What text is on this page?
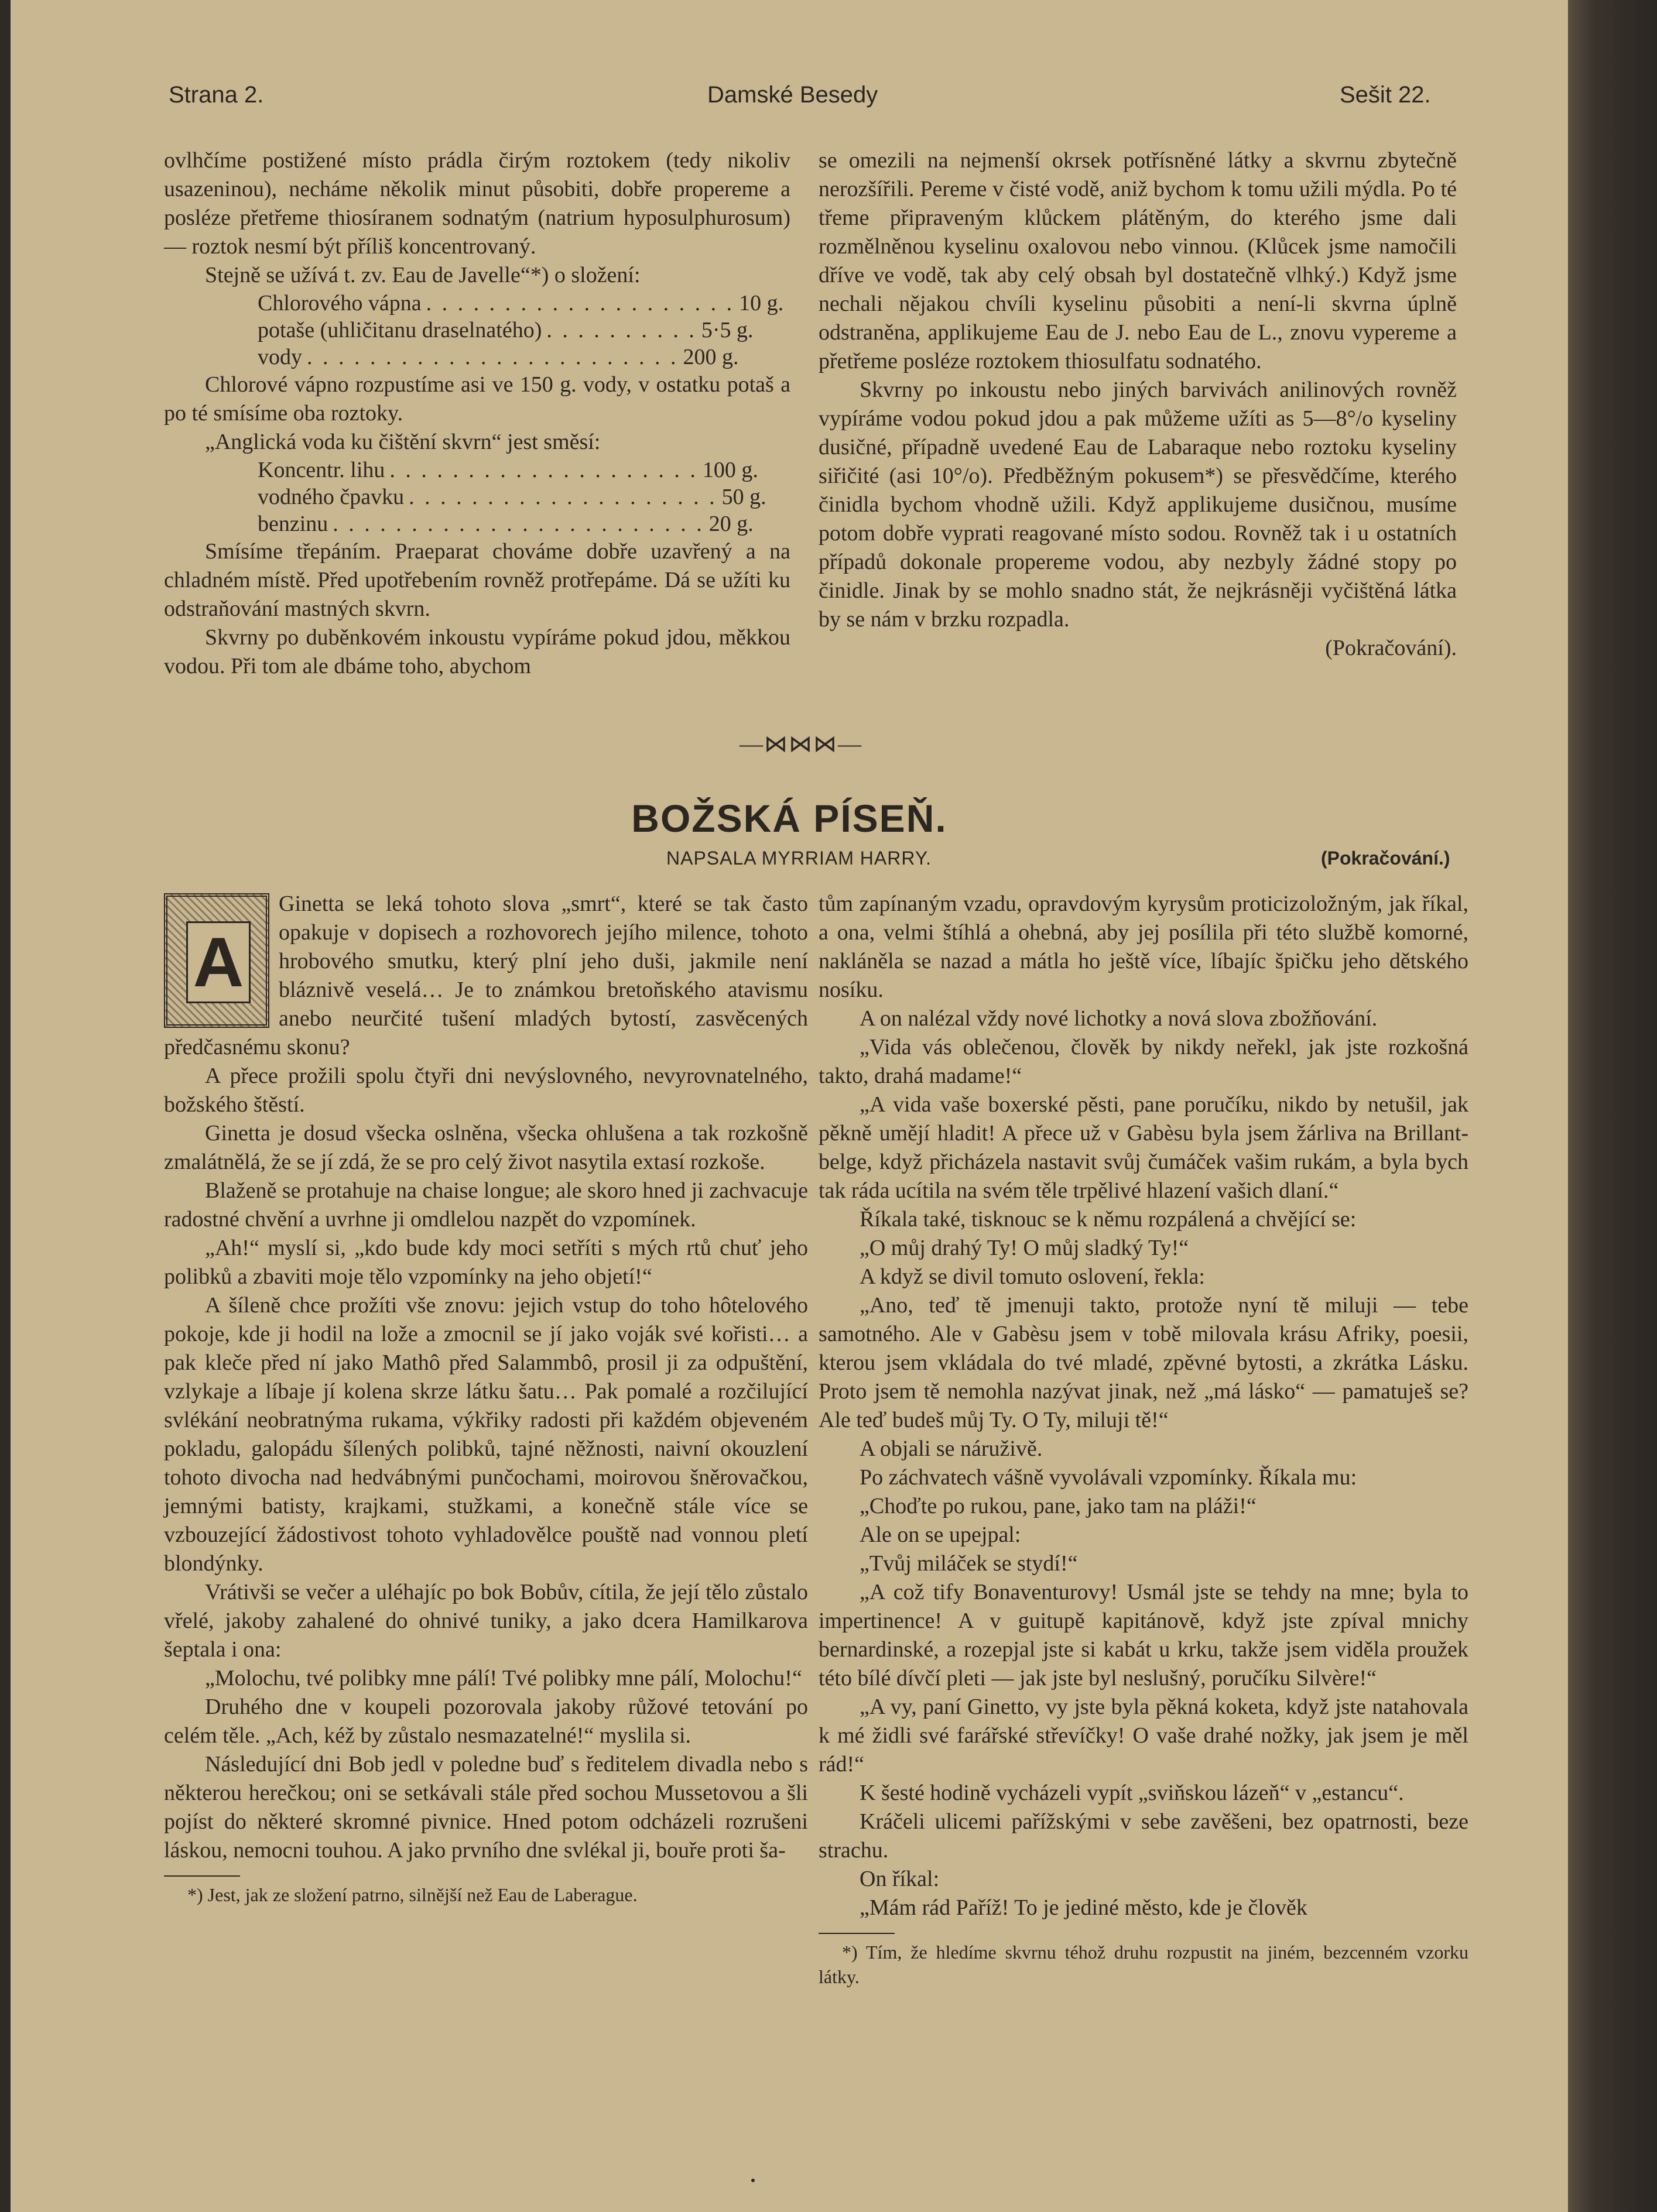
Strana 2.	Damské Besedy	Sešit 22.

ovlhčíme postižené místo prádla čirým roztokem (tedy nikoliv usazeninou), necháme několik minut působiti, dobře propereme a posléze přetřeme thiosíranem sodnatým (natrium hyposulphurosum) — roztok nesmí být příliš koncentrovaný.

Stejně se užívá t. zv. Eau de Javelle“*) o složení:

Chlorového vápna . . . . . . . . . . . . . . . . . . . . 10 g.
potaše (uhličitanu draselnatého) . . . . . . . . . . 5·5 g.
vody . . . . . . . . . . . . . . . . . . . . . . . . 200 g.

Chlorové vápno rozpustíme asi ve 150 g. vody, v ostatku potaš a po té smísíme oba roztoky.

„Anglická voda ku čištění skvrn“ jest směsí:

Koncentr. lihu . . . . . . . . . . . . . . . . . . . . 100 g.
vodného čpavku . . . . . . . . . . . . . . . . . . . . 50 g.
benzinu . . . . . . . . . . . . . . . . . . . . . . . . 20 g.

Smísíme třepáním. Praeparat chováme dobře uzavřený a na chladném místě. Před upotřebením rovněž protřepáme. Dá se užíti ku odstraňování mastných skvrn.

Skvrny po duběnkovém inkoustu vypíráme pokud jdou, měkkou vodou. Při tom ale dbáme toho, abychom

se omezili na nejmenší okrsek potřísněné látky a skvrnu zbytečně nerozšířili. Pereme v čisté vodě, aniž bychom k tomu užili mýdla. Po té třeme připraveným klůckem plátěným, do kterého jsme dali rozmělněnou kyselinu oxalovou nebo vinnou. (Klůcek jsme namočili dříve ve vodě, tak aby celý obsah byl dostatečně vlhký.) Když jsme nechali nějakou chvíli kyselinu působiti a není-li skvrna úplně odstraněna, applikujeme Eau de J. nebo Eau de L., znovu vypereme a přetřeme posléze roztokem thiosulfatu sodnatého.

Skvrny po inkoustu nebo jiných barvivách anilinových rovněž vypíráme vodou pokud jdou a pak můžeme užíti as 5—8°/o kyseliny dusičné, případně uvedené Eau de Labaraque nebo roztoku kyseliny siřičité (asi 10°/o). Předběžným pokusem*) se přesvědčíme, kterého činidla bychom vhodně užili. Když applikujeme dusičnou, musíme potom dobře vyprati reagované místo sodou. Rovněž tak i u ostatních případů dokonale propereme vodou, aby nezbyly žádné stopy po činidle. Jinak by se mohlo snadno stát, že nejkrásněji vyčištěná látka by se nám v brzku rozpadla.

(Pokračování).

—⋈⋈⋈—
BOŽSKÁ PÍSEŇ.
NAPSALA MYRRIAM HARRY.	(Pokračování.)
A

Ginetta se leká tohoto slova „smrt“, které se tak často opakuje v dopisech a rozhovorech jejího milence, tohoto hrobového smutku, který plní jeho duši, jakmile není bláznivě veselá… Je to známkou bretoňského atavismu anebo neurčité tušení mladých bytostí, zasvěcených předčasnému skonu?

A přece prožili spolu čtyři dni nevýslovného, nevyrovnatelného, božského štěstí.

Ginetta je dosud všecka oslněna, všecka ohlušena a tak rozkošně zmalátnělá, že se jí zdá, že se pro celý život nasytila extasí rozkoše.

Blaženě se protahuje na chaise longue; ale skoro hned ji zachvacuje radostné chvění a uvrhne ji omdlelou nazpět do vzpomínek.

„Ah!“ myslí si, „kdo bude kdy moci setříti s mých rtů chuť jeho polibků a zbaviti moje tělo vzpomínky na jeho objetí!“

A šíleně chce prožíti vše znovu: jejich vstup do toho hôtelového pokoje, kde ji hodil na lože a zmocnil se jí jako voják své kořisti… a pak kleče před ní jako Mathô před Salammbô, prosil ji za odpuštění, vzlykaje a líbaje jí kolena skrze látku šatu… Pak pomalé a rozčilující svlékání neobratnýma rukama, výkřiky radosti při každém objeveném pokladu, galopádu šílených polibků, tajné něžnosti, naivní okouzlení tohoto divocha nad hedvábnými punčochami, moirovou šněrovačkou, jemnými batisty, krajkami, stužkami, a konečně stále více se vzbouzející žádostivost tohoto vyhladovělce pouště nad vonnou pletí blondýnky.

Vrátivši se večer a uléhajíc po bok Bobův, cítila, že její tělo zůstalo vřelé, jakoby zahalené do ohnivé tuniky, a jako dcera Hamilkarova šeptala i ona:

„Molochu, tvé polibky mne pálí! Tvé polibky mne pálí, Molochu!“

Druhého dne v koupeli pozorovala jakoby růžové tetování po celém těle. „Ach, kéž by zůstalo nesmazatelné!“ myslila si.

Následující dni Bob jedl v poledne buď s ředitelem divadla nebo s některou herečkou; oni se setkávali stále před sochou Mussetovou a šli pojíst do některé skromné pivnice. Hned potom odcházeli rozrušeni láskou, nemocni touhou. A jako prvního dne svlékal ji, bouře proti ša-

*) Jest, jak ze složení patrno, silnější než Eau de Laberague.

tům zapínaným vzadu, opravdovým kyrysům proticizoložným, jak říkal, a ona, velmi štíhlá a ohebná, aby jej posílila při této službě komorné, nakláněla se nazad a mátla ho ještě více, líbajíc špičku jeho dětského nosíku.

A on nalézal vždy nové lichotky a nová slova zbožňování.

„Vida vás oblečenou, člověk by nikdy neřekl, jak jste rozkošná takto, drahá madame!“

„A vida vaše boxerské pěsti, pane poručíku, nikdo by netušil, jak pěkně umějí hladit! A přece už v Gabèsu byla jsem žárliva na Brillant-belge, když přicházela nastavit svůj čumáček vašim rukám, a byla bych tak ráda ucítila na svém těle trpělivé hlazení vašich dlaní.“

Říkala také, tisknouc se k němu rozpálená a chvějící se:

„O můj drahý Ty! O můj sladký Ty!“

A když se divil tomuto oslovení, řekla:

„Ano, teď tě jmenuji takto, protože nyní tě miluji — tebe samotného. Ale v Gabèsu jsem v tobě milovala krásu Afriky, poesii, kterou jsem vkládala do tvé mladé, zpěvné bytosti, a zkrátka Lásku. Proto jsem tě nemohla nazývat jinak, než „má lásko“ — pamatuješ se? Ale teď budeš můj Ty. O Ty, miluji tě!“

A objali se náruživě.

Po záchvatech vášně vyvolávali vzpomínky. Říkala mu:

„Choďte po rukou, pane, jako tam na pláži!“

Ale on se upejpal:

„Tvůj miláček se stydí!“

„A což tify Bonaventurovy! Usmál jste se tehdy na mne; byla to impertinence! A v guitupě kapitánově, když jste zpíval mnichy bernardinské, a rozepjal jste si kabát u krku, takže jsem viděla proužek této bílé dívčí pleti — jak jste byl neslušný, poručíku Silvère!“

„A vy, paní Ginetto, vy jste byla pěkná koketa, když jste natahovala k mé židli své farářské střevíčky! O vaše drahé nožky, jak jsem je měl rád!“

K šesté hodině vycházeli vypít „sviňskou lázeň“ v „estancu“.

Kráčeli ulicemi pařížskými v sebe zavěšeni, bez opatrnosti, beze strachu.

On říkal:

„Mám rád Paříž! To je jediné město, kde je člověk

*) Tím, že hledíme skvrnu téhož druhu rozpustit na jiném, bezcenném vzorku látky.
